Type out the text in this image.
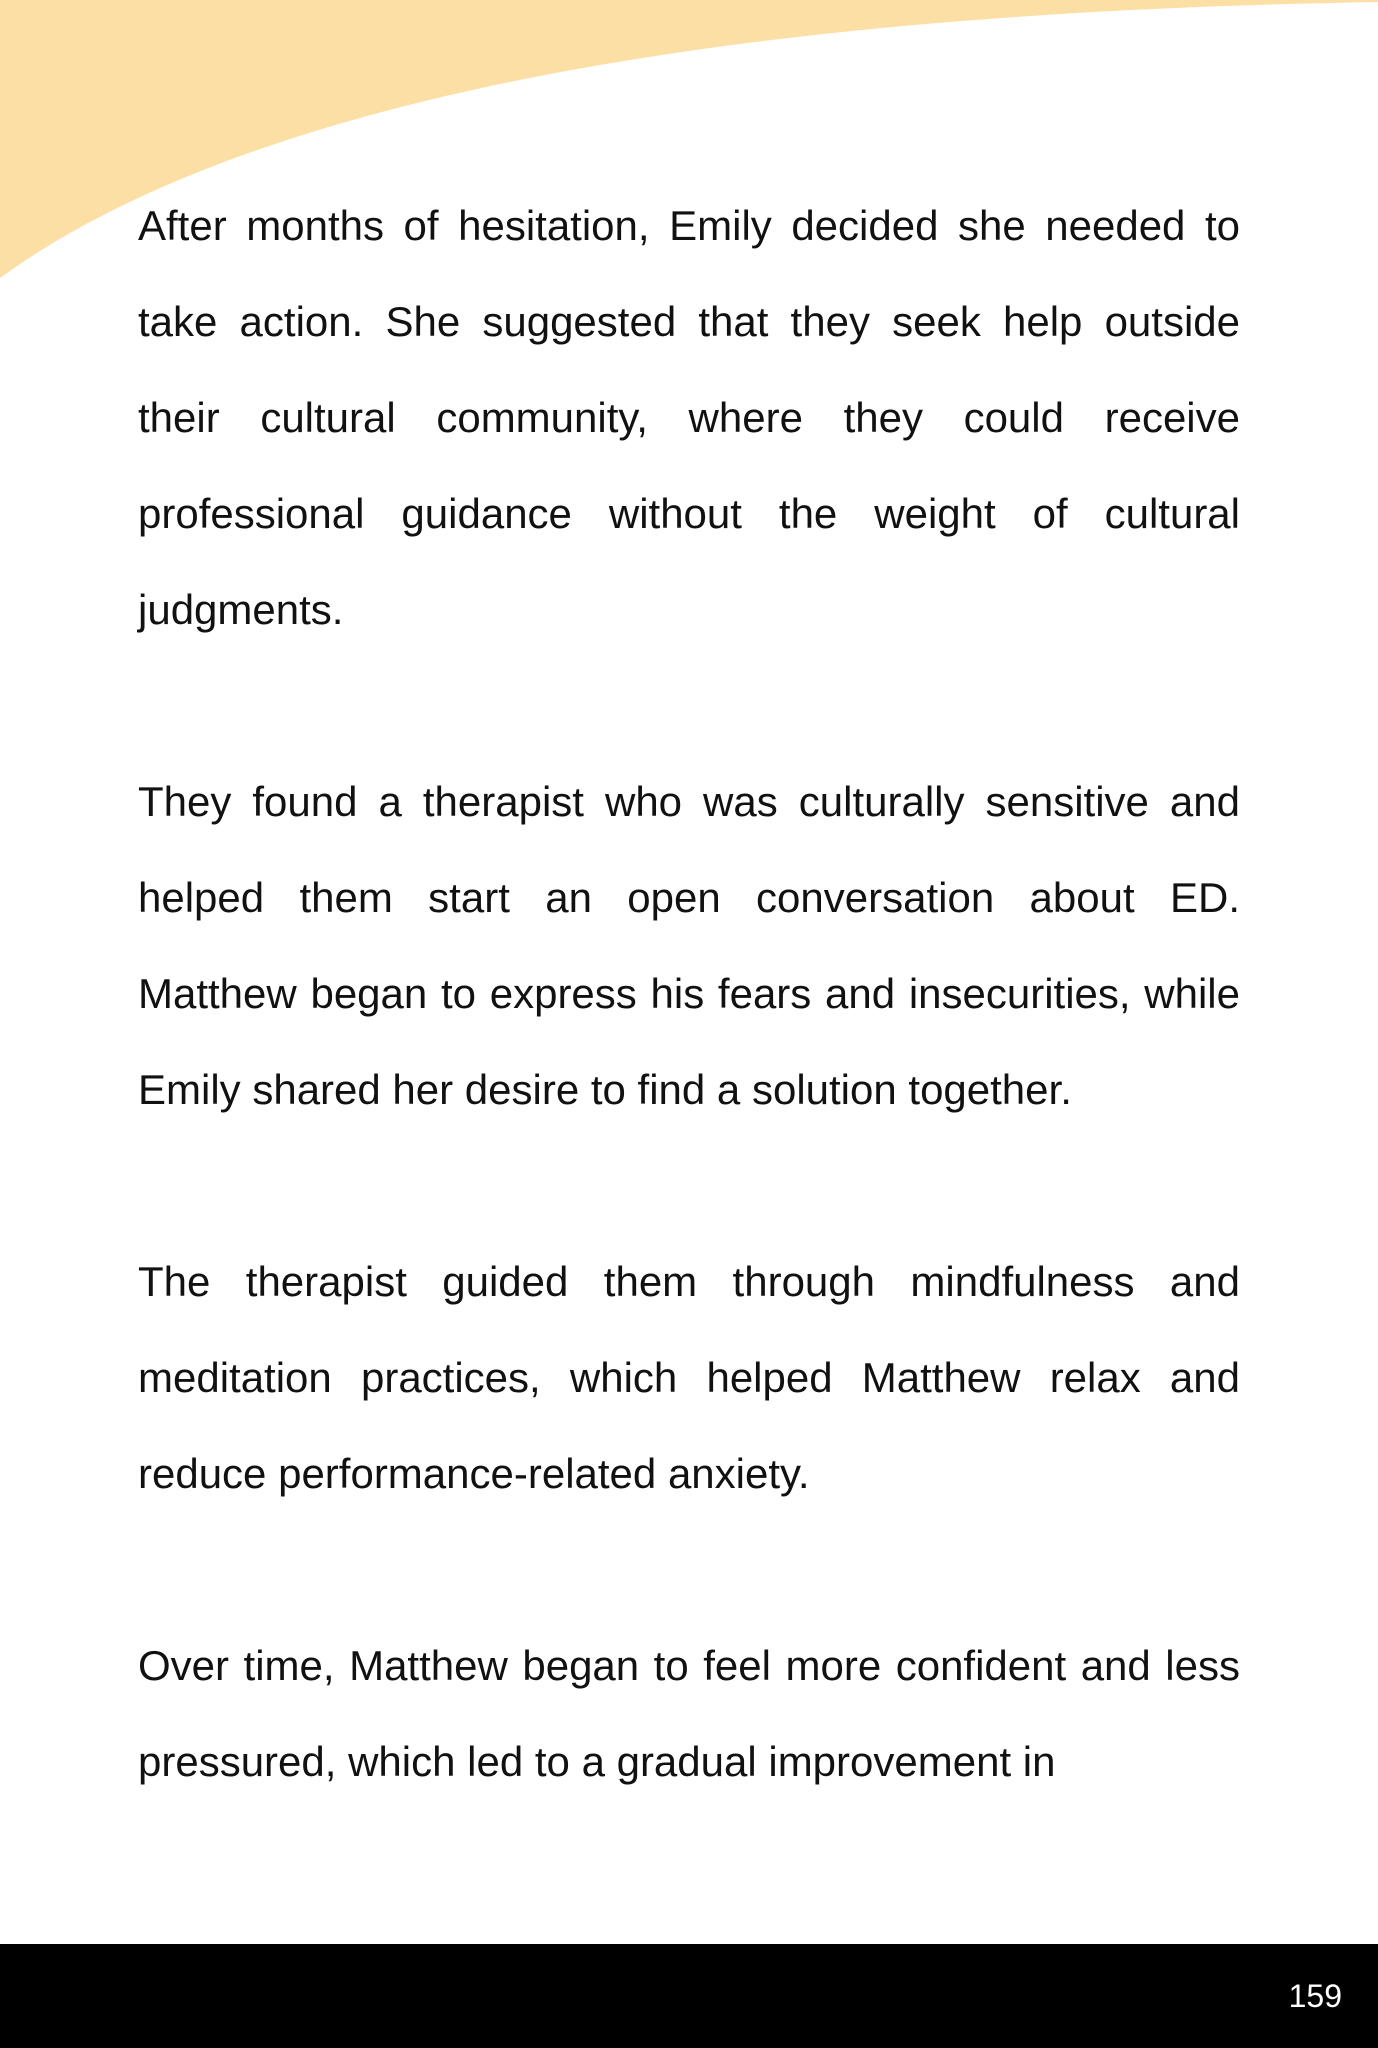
After months of hesitation, Emily decided she needed to take action. She suggested that they seek help outside their cultural community, where they could receive professional guidance without the weight of cultural judgments.

They found a therapist who was culturally sensitive and helped them start an open conversation about ED. Matthew began to express his fears and insecurities, while Emily shared her desire to find a solution together.

The therapist guided them through mindfulness and meditation practices, which helped Matthew relax and reduce performance-related anxiety.

Over time, Matthew began to feel more confident and less pressured, which led to a gradual improvement in

159
